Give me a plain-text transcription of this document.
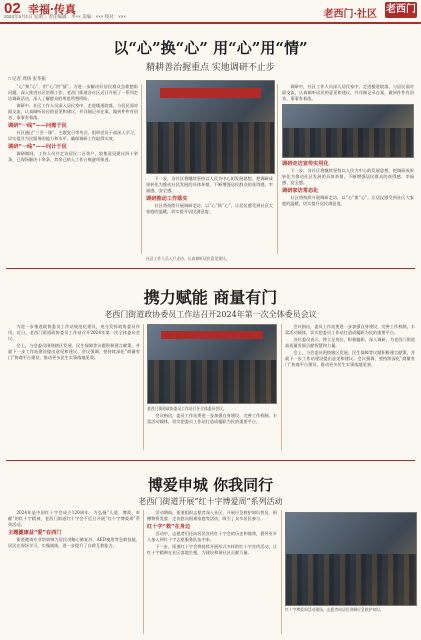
02 幸福·传真
2024年5月1日 星期三 责任编辑：李×× 美编：××× 校对：×××	老西门·社区 老西门
以“心”换“心” 用“心”用“情”
精耕善治握重点 实地调研不止步
□ 记者 周扬 张华振

“心”换“心”，用“心”用“情”。为进一步解决好居民群众急难愁盼问题，深入推进社区治理工作，老西门街道各社区近日开展了一系列走访调研活动，深入了解群众的所思所想所盼。

调研中，社区工作人员深入居民家中、走进楼道院落，与居民面对面交流，认真倾听居民的意见和建议，并详细记录在案，做到件件有回音、事事有着落。

调研“一线”——问需于民

社区通过“三会一课”、主题党日等形式，组织党员干部深入学习，切实提升为民服务的能力和水平，确保调研工作取得实效。

调研“一线”——问计于民

调研期间，工作人员共走访居民二百余户，收集意见建议四十余条，已现场解决十余条，其余已纳入工作台账逐项推进。

下一步，各社区将继续坚持以人民为中心的发展思想，把调研成果转化为推动社区发展的具体举措，不断增强居民群众的获得感、幸福感、安全感。

调研推动工作落实

社区将持续开展调研走访，以“心”换“心”，让居民感受到社区大家庭的温暖，切实提升居民满意度。

调研中，社区工作人员深入居民家中、走进楼道院落，与居民面对面交流，认真倾听居民的意见和建议，并详细记录在案，做到件件有回音、事事有着落。

调研走访宣传实用化

下一步，各社区将继续坚持以人民为中心的发展思想，把调研成果转化为推动社区发展的具体举措，不断增强居民群众的获得感、幸福感、安全感。

调研家访常态化

社区将持续开展调研走访，以“心”换“心”，让居民感受到社区大家庭的温暖，切实提升居民满意度。

社区工作人员入户走访，认真倾听居民意见建议。
携力赋能 商量有门
老西门街道政协委员工作站召开2024年第一次全体委员会议

为进一步推进政协委员工作站规范化建设，充分发挥政协委员作用，近日，老西门街道政协委员工作站召开2024年第一次全体委员会议。

会上，与会委员围绕辖区发展、民生保障等议题积极建言献策，并就下一步工作站建设提出意见和建议。会议强调，要持续深化“商量有门”协商平台建设，推动更多民生实事落地见效。

老西门街道政协委员工作站召开全体委员会议。

会议指出，委员工作站要进一步加强自身建设，完善工作机制，丰富活动载体，切实把委员工作站打造成履职为民的重要平台。

会议指出，委员工作站要进一步加强自身建设，完善工作机制，丰富活动载体，切实把委员工作站打造成履职为民的重要平台。

各位委员表示，将立足岗位，积极履职，深入调研，为老西门街道高质量发展贡献智慧和力量。

会上，与会委员围绕辖区发展、民生保障等议题积极建言献策，并就下一步工作站建设提出意见和建议。会议强调，要持续深化“商量有门”协商平台建设，推动更多民生实事落地见效。

博爱申城 你我同行
老西门街道开展“红十字博爱周”系列活动

2024年是中国红十字会成立120周年，为弘扬“人道、博爱、奉献”的红十字精神，老西门街道红十字会于近日开展“红十字博爱周”系列活动。

主题健康益“爱”在西门

街道邀请专业培训师为居民讲解心肺复苏、AED使用等急救技能，居民在现场学习、实操演练，进一步提升了自救互救能力。

活动期间，街道组织志愿者深入社区，开展应急救护知识普及、捐赠物资发放、走访慰问困难家庭等活动，吸引了众多居民参与。

红十字“救”在身边

活动中，志愿者们还向居民宣传红十字会的历史和使命，倡导更多人加入到红十字志愿服务队伍中来。

下一步，街道红十字会将持续开展形式多样的红十字宣传活动，让红十字精神在社区落地生根，为建设和谐社区贡献力量。

红十字博爱周活动现场，志愿者向居民讲解应急救护知识。
